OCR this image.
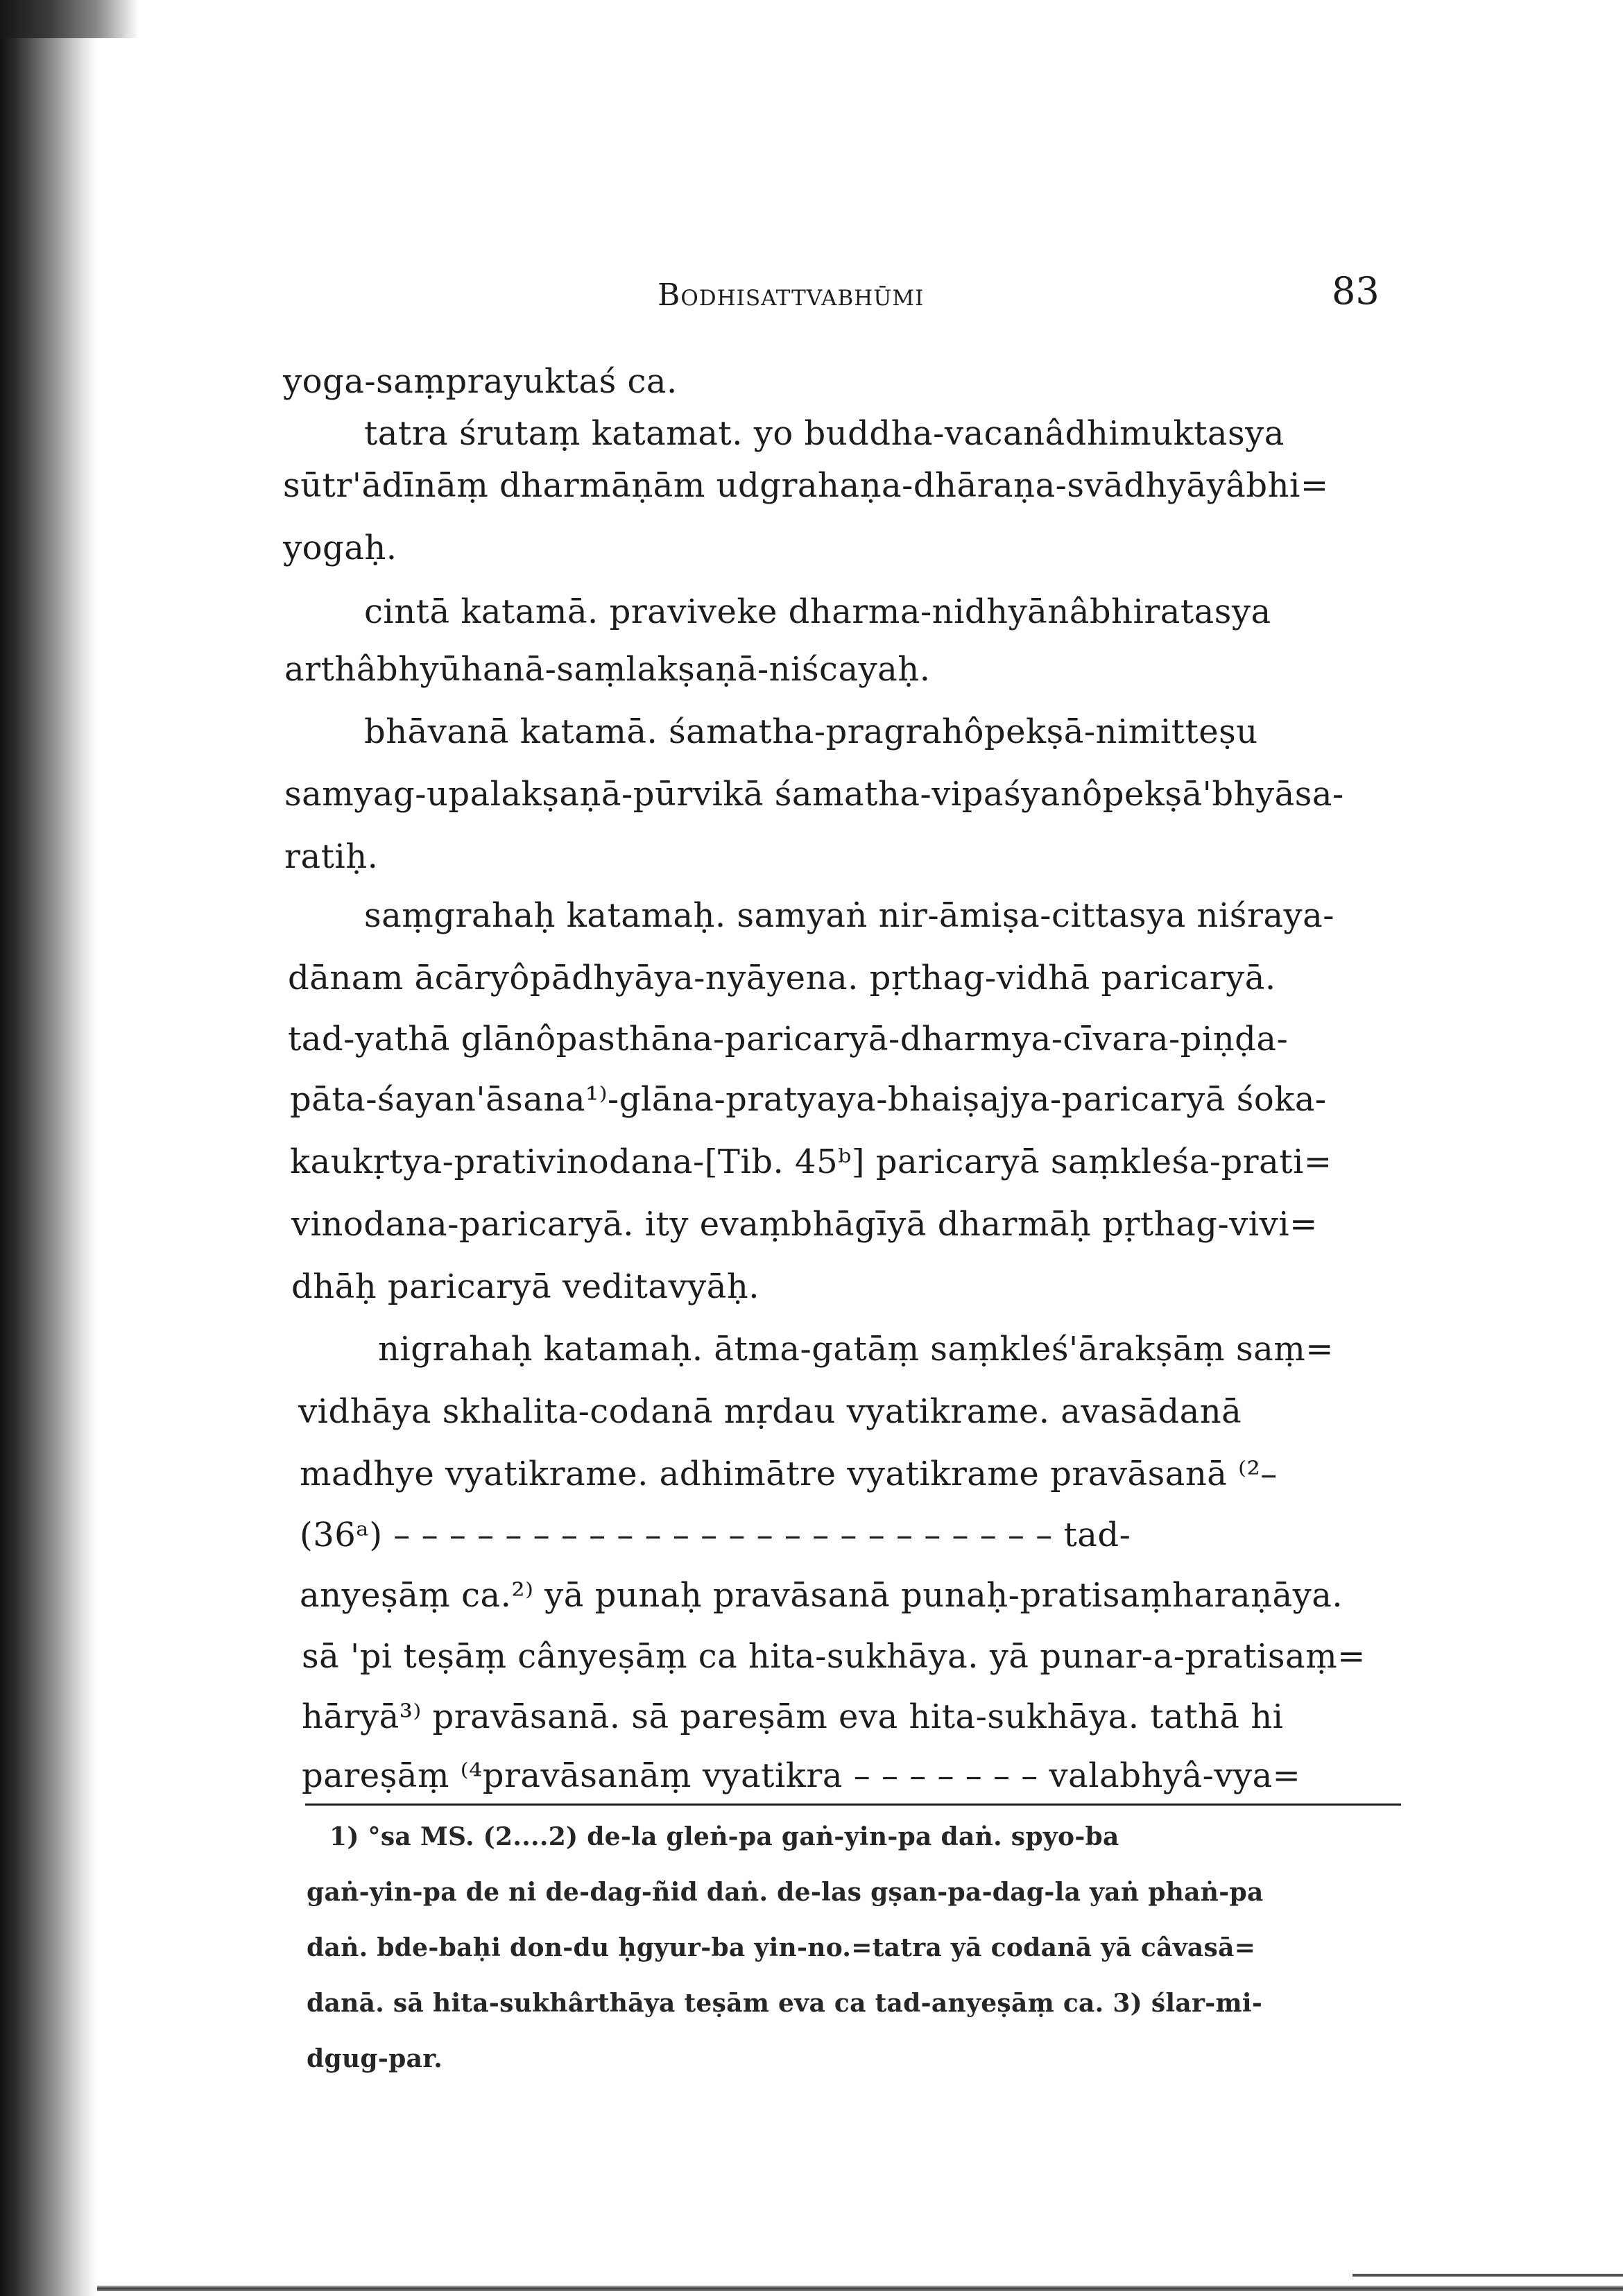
Bodhisattvabhūmi	83
yoga-saṃprayuktaś ca.
tatra śrutaṃ katamat. yo buddha-vacanâdhimuktasya
sūtr'ādīnāṃ dharmāṇām udgrahaṇa-dhāraṇa-svādhyāyâbhi=
yogaḥ.
cintā katamā. praviveke dharma-nidhyānâbhiratasya
arthâbhyūhanā-saṃlakṣaṇā-niścayaḥ.
bhāvanā katamā. śamatha-pragrahôpekṣā-nimitteṣu
samyag-upalakṣaṇā-pūrvikā śamatha-vipaśyanôpekṣā'bhyāsa-
ratiḥ.
saṃgrahaḥ katamaḥ. samyaṅ nir-āmiṣa-cittasya niśraya-
dānam ācāryôpādhyāya-nyāyena. pṛthag-vidhā paricaryā.
tad-yathā glānôpasthāna-paricaryā-dharmya-cīvara-piṇḍa-
pāta-śayan'āsana¹⁾-glāna-pratyaya-bhaiṣajya-paricaryā śoka-
kaukṛtya-prativinodana-[Tib. 45ᵇ] paricaryā saṃkleśa-prati=
vinodana-paricaryā. ity evaṃbhāgīyā dharmāḥ pṛthag-vivi=
dhāḥ paricaryā veditavyāḥ.
nigrahaḥ katamaḥ. ātma-gatāṃ saṃkleś'ārakṣāṃ saṃ=
vidhāya skhalita-codanā mṛdau vyatikrame. avasādanā
madhye vyatikrame. adhimātre vyatikrame pravāsanā ⁽²–
(36ᵃ) – – – – – – – – – – – – – – – – – – – – – – – – tad-
anyeṣāṃ ca.²⁾ yā punaḥ pravāsanā punaḥ-pratisaṃharaṇāya.
sā 'pi teṣāṃ cânyeṣāṃ ca hita-sukhāya. yā punar-a-pratisaṃ=
hāryā³⁾ pravāsanā. sā pareṣām eva hita-sukhāya. tathā hi
pareṣāṃ ⁽⁴pravāsanāṃ vyatikra – – – – – – – valabhyâ-vya=
1) °sa MS. (2....2) de-la gleṅ-pa gaṅ-yin-pa daṅ. spyo-ba
gaṅ-yin-pa de ni de-dag-ñid daṅ. de-las gṣan-pa-dag-la yaṅ phaṅ-pa
daṅ. bde-baḥi don-du ḥgyur-ba yin-no.=tatra yā codanā yā câvasā=
danā. sā hita-sukhârthāya teṣām eva ca tad-anyeṣāṃ ca. 3) ślar-mi-
dgug-par.
